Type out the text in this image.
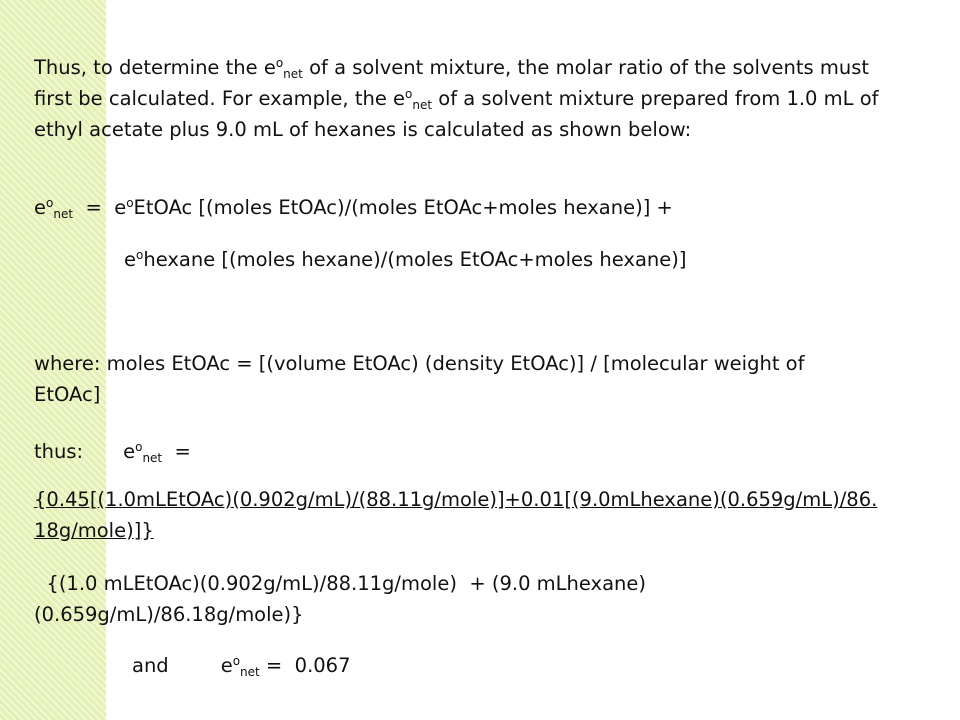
Thus, to determine the $e^o_{net}$ of a solvent mixture, the molar ratio of the solvents must first be calculated. For example, the $e^o_{net}$ of a solvent mixture prepared from 1.0 mL of ethyl acetate plus 9.0 mL of hexanes is calculated as shown below:

$e^o_{net}$  =  $e^oEtOAc$ [(moles EtOAc)/(moles EtOAc+moles hexane)] +

$e^ohexane$ [(moles hexane)/(moles EtOAc+moles hexane)]

where: moles EtOAc = [(volume EtOAc) (density EtOAc)] / [molecular weight of EtOAc]

thus: $e^o_{net}$  =

{0.45[(1.0mLEtOAc)(0.902g/mL)/(88.11g/mole)]+0.01[(9.0mLhexane)(0.659g/mL)/86.18g/mole)]}

{(1.0 mLEtOAc)(0.902g/mL)/88.11g/mole)  + (9.0 mLhexane)(0.659g/mL)/86.18g/mole)}

and	$e^o_{net} = 0.067$
